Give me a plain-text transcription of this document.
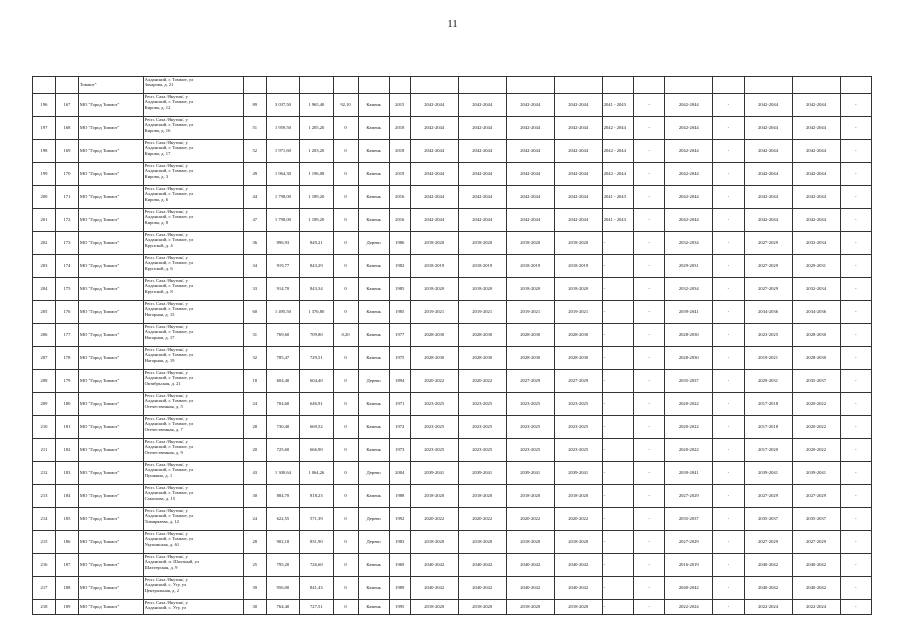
11
		Томмот"	Алданский, г. Томмот, ул
Захарова, д. 21																	

196	167	МО "Город Томмот"	Респ. Саха /Якутия/, у
Алданский, г. Томмот, ул
Кирова, д. 12	89	3 037,50	1 965,40	92,10	Камень	2015	2042-2044	2042-2044	2042-2044	2042-2044	2041 - 2043	-	2042-2044	-	2042-2044	2042-2044	-
197	168	МО "Город Томмот"	Респ. Саха /Якутия/, у
Алданский, г. Томмот, ул
Кирова, д. 16	51	1 959,50	1 205,20	0	Камень	2018	2042-2044	2042-2044	2042-2044	2042-2044	2042 - 2044	-	2042-2044	-	2042-2044	2042-2044	-
198	169	МО "Город Томмот"	Респ. Саха /Якутия/, у
Алданский, г. Томмот, ул
Кирова, д. 17	52	1 971,60	1 203,20	0	Камень	2018	2042-2044	2042-2044	2042-2044	2042-2044	2042 - 2044	-	2042-2044	-	2042-2044	2042-2044	-
199	170	МО "Город Томмот"	Респ. Саха /Якутия/, у
Алданский, г. Томмот, ул
Кирова, д. 3	49	1 964,30	1 196,08	0	Камень	2019	2042-2044	2042-2044	2042-2044	2042-2044	2042 - 2044	-	2042-2044	-	2042-2044	2042-2044	-
200	171	МО "Город Томмот"	Респ. Саха /Якутия/, у
Алданский, г. Томмот, ул
Кирова, д. 6	44	1 798,00	1 189,20	0	Камень	2016	2042-2044	2042-2044	2042-2044	2042-2044	2041 - 2043	-	2042-2044	-	2042-2044	2042-2044	-
201	172	МО "Город Томмот"	Респ. Саха /Якутия/, у
Алданский, г. Томмот, ул
Кирова, д. 8	47	1 798,00	1 189,20	0	Камень	2016	2042-2044	2042-2044	2042-2044	2042-2044	2041 - 2043	-	2042-2044	-	2042-2044	2042-2044	-
202	173	МО "Город Томмот"	Респ. Саха /Якутия/, у
Алданский, г. Томмот, ул
Крупской, д. 4	36	896,93	849,21	0	Дерево	1986	2018-2020	2018-2020	2018-2020	2018-2020	-	-	2032-2034	-	2027-2029	2032-2034	-
203	174	МО "Город Томмот"	Респ. Саха /Якутия/, у
Алданский, г. Томмот, ул
Крупской, д. 6	34	919,77	843,29	0	Камень	1982	2018-2019	2018-2019	2018-2019	2018-2019	-	-	2029-2031	-	2027-2029	2029-2031	-
204	175	МО "Город Томмот"	Респ. Саха /Якутия/, у
Алданский, г. Томмот, ул
Крупской, д. 8	33	914,70	843,34	0	Камень	1985	2018-2020	2018-2020	2018-2020	2018-2020	-	-	2032-2034	-	2027-2029	2032-2034	-
205	176	МО "Город Томмот"	Респ. Саха /Якутия/, у
Алданский, г. Томмот, ул
Нагорная, д. 15	60	1 495,50	1 376,80	0	Камень	1985	2019-2021	2019-2021	2019-2021	2019-2021	-	-	2039-2041	-	2034-2036	2034-2036	-
206	177	МО "Город Томмот"	Респ. Саха /Якутия/, у
Алданский, г. Томмот, ул
Нагорная, д. 17	31	769,60	709,80	0,20	Камень	1977	2028-2030	2028-2030	2028-2030	2028-2030	-	-	2028-2030	-	2023-2025	2028-2030	-
207	178	МО "Город Томмот"	Респ. Саха /Якутия/, у
Алданский, г. Томмот, ул
Нагорная, д. 19	32	785,47	729,51	0	Камень	1975	2028-2030	2028-2030	2028-2030	2028-2030	-	-	2028-2030	-	2019-2021	2028-2030	-
208	179	МО "Город Томмот"	Респ. Саха /Якутия/, у
Алданский, г. Томмот, ул
Октябрьская, д. 21	18	604,40	604,40	0	Дерево	1894	2020-2022	2020-2022	2027-2029	2027-2029	-	-	2035-2037	-	2029-2031	2035-2037	-
209	180	МО "Город Томмот"	Респ. Саха /Якутия/, у
Алданский, г. Томмот, ул
Отечественная, д. 5	24	704,60	646,91	0	Камень	1971	2023-2025	2023-2025	2023-2025	2023-2025	-	-	2020-2022	-	2017-2018	2020-2022	-
210	181	МО "Город Томмот"	Респ. Саха /Якутия/, у
Алданский, г. Томмот, ул
Отечественная, д. 7	28	730,40	669,52	0	Камень	1972	2023-2025	2023-2025	2023-2025	2023-2025	-	-	2020-2022	-	2017-2018	2020-2022	-
211	182	МО "Город Томмот"	Респ. Саха /Якутия/, у
Алданский, г. Томмот, ул
Отечественная, д. 9	20	725,60	666,90	0	Камень	1973	2023-2025	2023-2025	2023-2025	2023-2025	-	-	2020-2022	-	2017-2020	2020-2022	-
212	183	МО "Город Томмот"	Респ. Саха /Якутия/, у
Алданский, г. Томмот, ул
Пушкина, д. 1	43	1 300,64	1 064,26	0	Дерево	2004	2039-2041	2039-2041	2039-2041	2039-2041	-	-	2039-2041	-	2039-2041	2039-2041	-
213	184	МО "Город Томмот"	Респ. Саха /Якутия/, у
Алданский, г. Томмот, ул
Самолова, д. 15	30	884,70	818,23	0	Камень	1988	2018-2020	2018-2020	2018-2020	2018-2020	-	-	2027-2029	-	2027-2029	2027-2029	-
214	185	МО "Город Томмот"	Респ. Саха /Якутия/, у
Алданский, г. Томмот, ул
Тимирязева, д. 12	24	622,55	571,39	0	Дерево	1992	2020-2022	2020-2022	2020-2022	2020-2022	-	-	2035-2037	-	2035-2037	2035-2037	-
215	186	МО "Город Томмот"	Респ. Саха /Якутия/, у
Алданский, г. Томмот, ул
Укупинская, д. 61	28	902,18	831,90	0	Дерево	1983	2018-2020	2018-2020	2018-2020	2018-2020	-	-	2027-2029	-	2027-2029	2027-2029	-
216	187	МО "Город Томмот"	Респ. Саха /Якутия/, у
Алданский, п. Шахтный, ул
Шахтерская, д. 9	25	795,20	726,60	0	Камень	1969	2040-2042	2040-2042	2040-2042	2040-2042	-	-	2016-2019	-	2040-2042	2040-2042	-
217	188	МО "Город Томмот"	Респ. Саха /Якутия/, у
Алданский, с. Угу, ул
Центральная, д. 2	39	956,00	841,43	0	Камень	1989	2040-2042	2040-2042	2040-2042	2040-2042	-	-	2040-2042	-	2040-2042	2040-2042	-
218	189	МО "Город Томмот"	Респ. Саха /Якутия/, у
Алданский, с. Угу, ул	30	764,40	727,51	0	Камень	1995	2018-2020	2018-2020	2018-2020	2018-2020	-	-	2022-2024	-	2022-2024	2022-2024	-
